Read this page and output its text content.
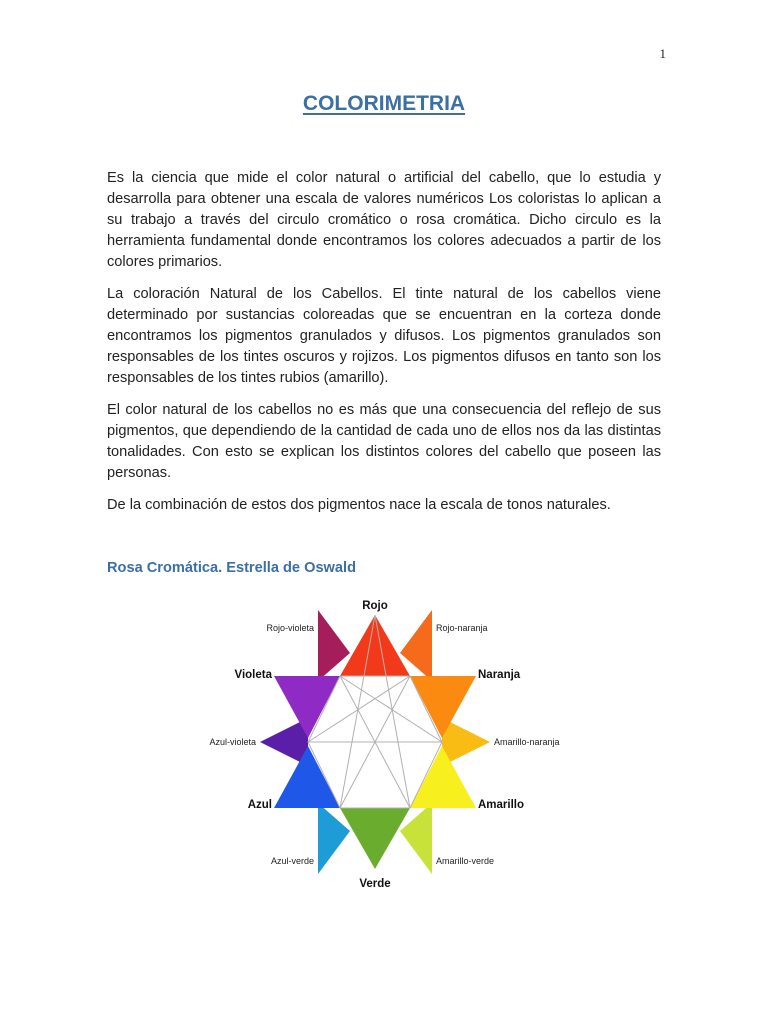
1
COLORIMETRIA

Es la ciencia que mide el color natural o artificial del cabello, que lo estudia y desarrolla para obtener una escala de valores numéricos Los coloristas lo aplican a su trabajo a través del circulo cromático o rosa cromática. Dicho circulo es la herramienta fundamental donde encontramos los colores adecuados a partir de los colores primarios.

La coloración Natural de los Cabellos. El tinte natural de los cabellos viene determinado por sustancias coloreadas que se encuentran en la corteza donde encontramos los pigmentos granulados y difusos. Los pigmentos granulados son responsables de los tintes oscuros y rojizos. Los pigmentos difusos en tanto son los responsables de los tintes rubios (amarillo).

El color natural de los cabellos no es más que una consecuencia del reflejo de sus pigmentos, que dependiendo de la cantidad de cada uno de ellos nos da las distintas tonalidades. Con esto se explican los distintos colores del cabello que poseen las personas.

De la combinación de estos dos pigmentos nace la escala de tonos naturales.

Rosa Cromática. Estrella de Oswald
Rojo
Rojo-violeta	Rojo-naranja
Violeta	Naranja
Azul-violeta	Amarillo-naranja
Azul	Amarillo
Azul-verde	Amarillo-verde
Verde
